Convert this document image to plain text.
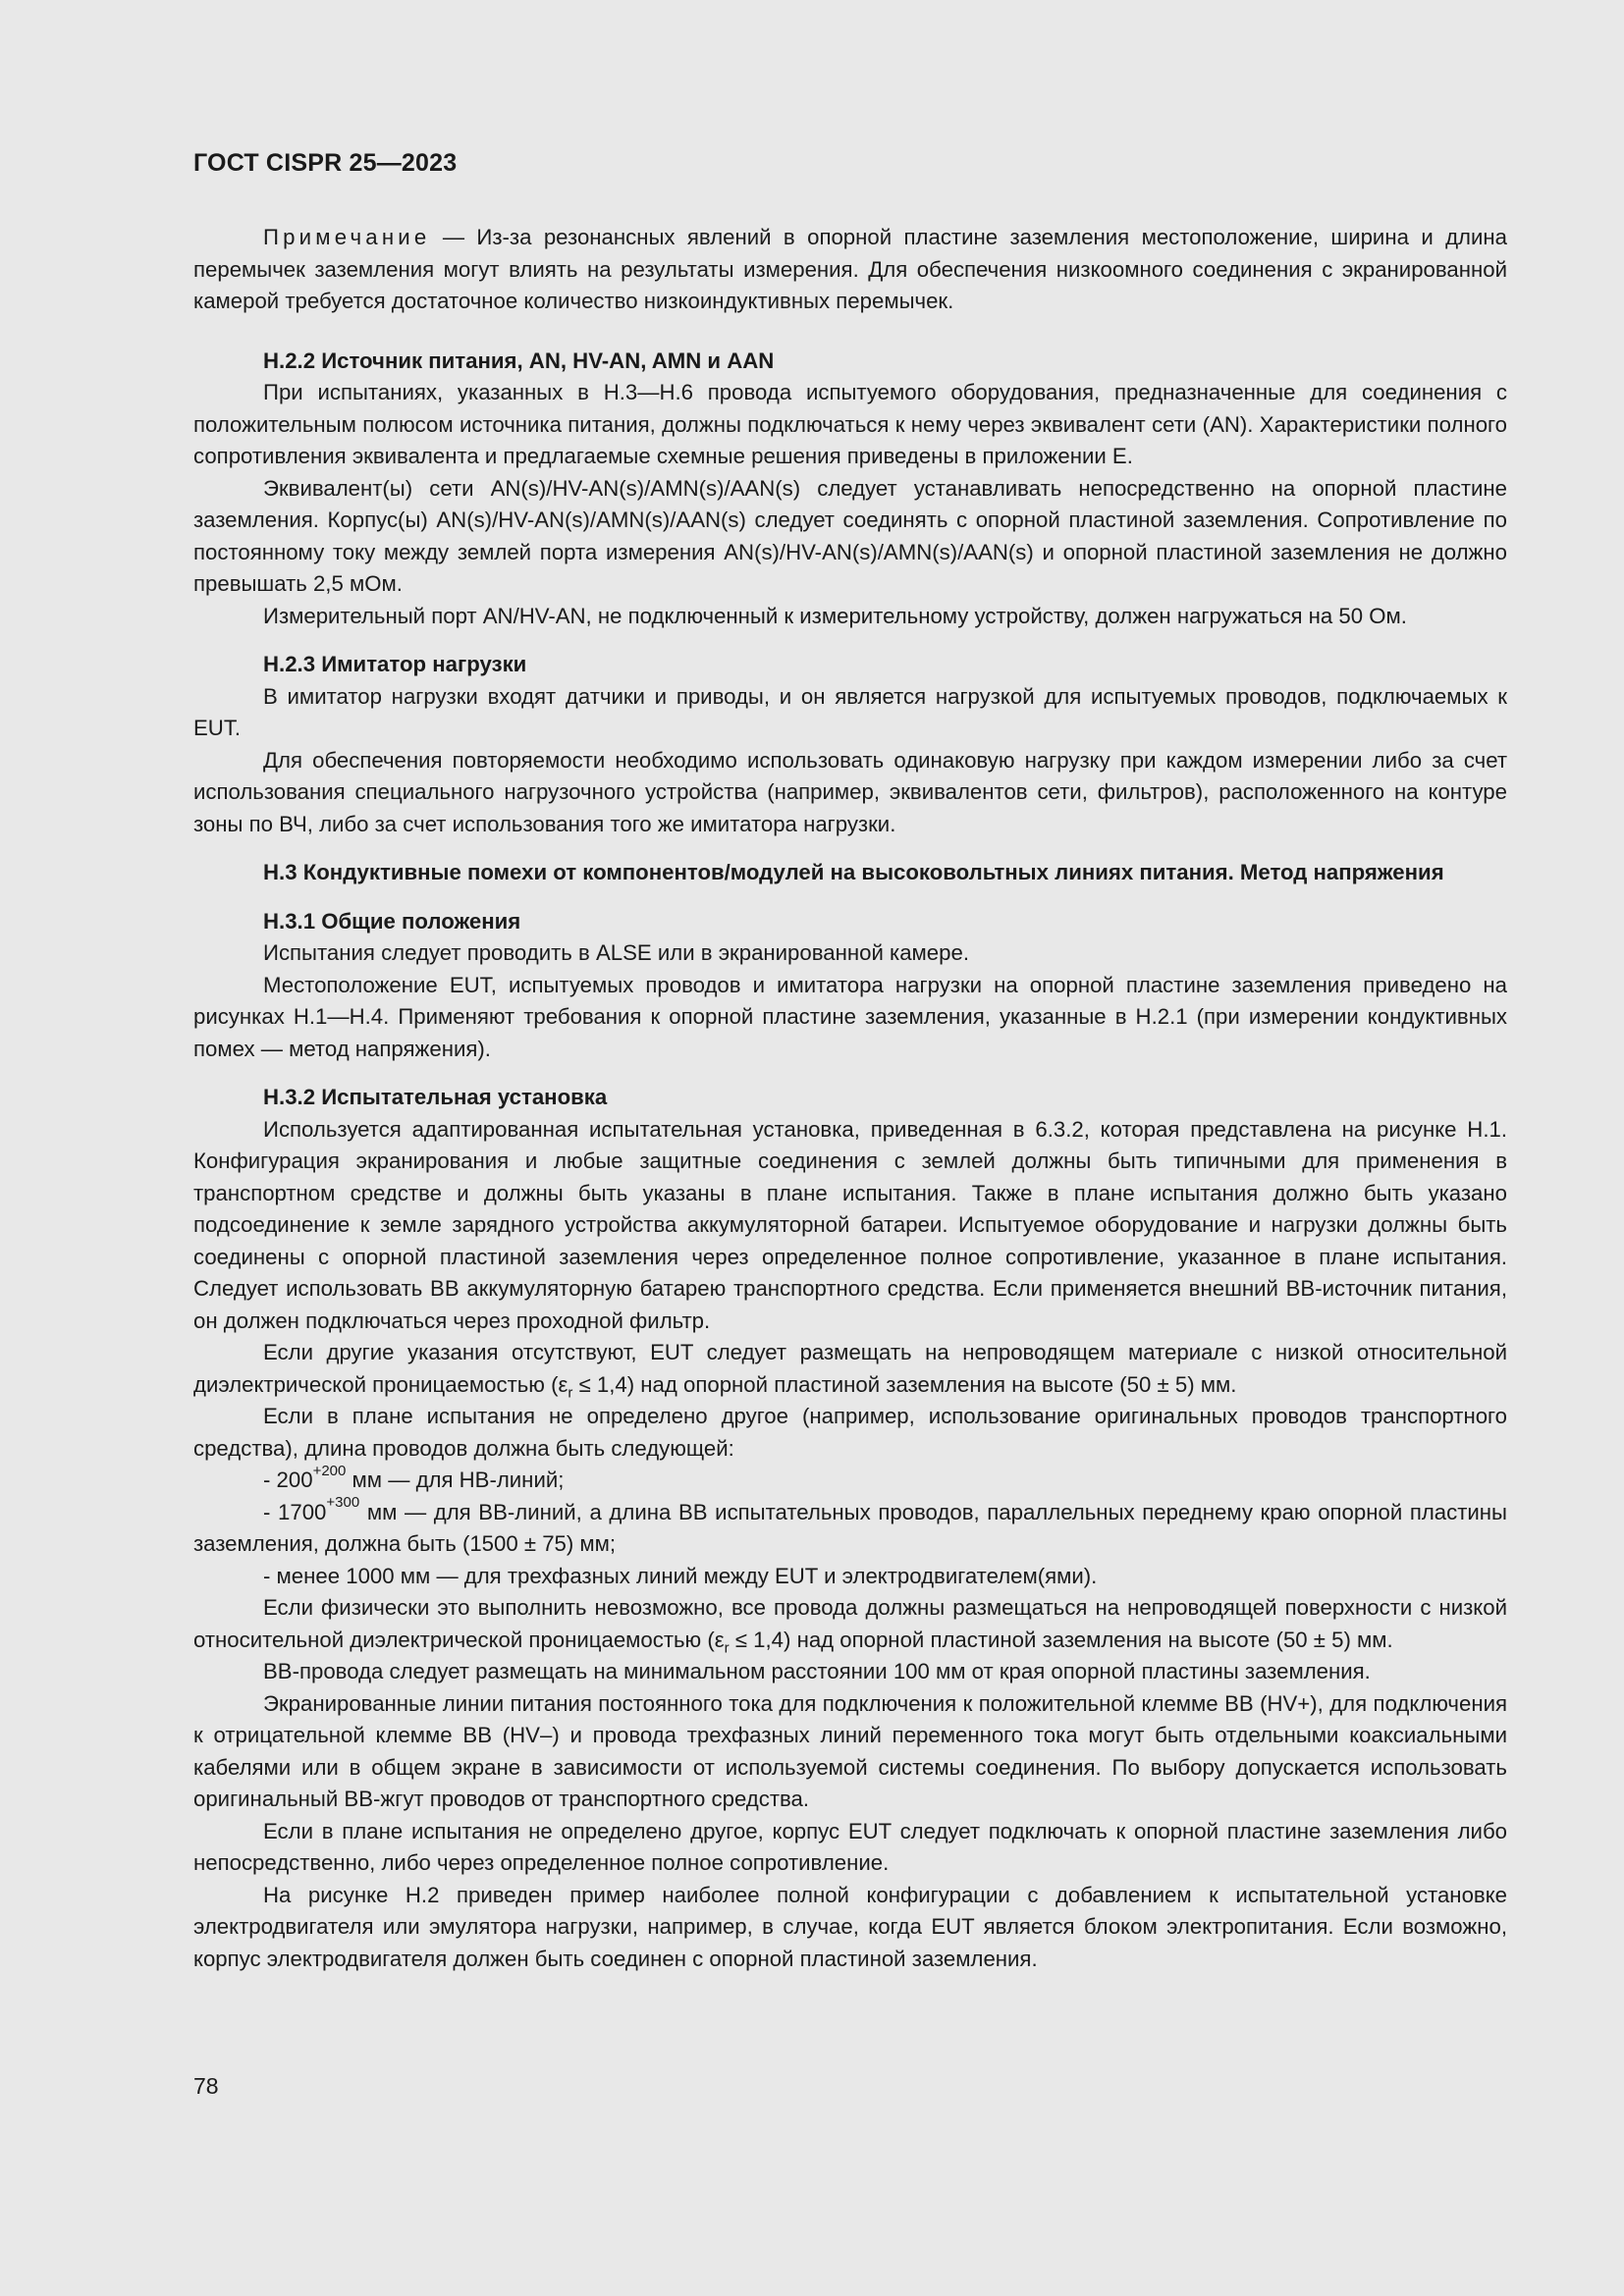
ГОСТ CISPR 25—2023

Примечание — Из-за резонансных явлений в опорной пластине заземления местоположение, ширина и длина перемычек заземления могут влиять на результаты измерения. Для обеспечения низкоомного соединения с экранированной камерой требуется достаточное количество низкоиндуктивных перемычек.

Н.2.2 Источник питания, AN, HV-AN, AMN и AAN

При испытаниях, указанных в Н.3—Н.6 провода испытуемого оборудования, предназначенные для соединения с положительным полюсом источника питания, должны подключаться к нему через эквивалент сети (AN). Характеристики полного сопротивления эквивалента и предлагаемые схемные решения приведены в приложении Е.

Эквивалент(ы) сети AN(s)/HV-AN(s)/AMN(s)/AAN(s) следует устанавливать непосредственно на опорной пластине заземления. Корпус(ы) AN(s)/HV-AN(s)/AMN(s)/AAN(s) следует соединять с опорной пластиной заземления. Сопротивление по постоянному току между землей порта измерения AN(s)/HV-AN(s)/AMN(s)/AAN(s) и опорной пластиной заземления не должно превышать 2,5 мОм.

Измерительный порт AN/HV-AN, не подключенный к измерительному устройству, должен нагружаться на 50 Ом.

Н.2.3 Имитатор нагрузки

В имитатор нагрузки входят датчики и приводы, и он является нагрузкой для испытуемых проводов, подключаемых к EUT.

Для обеспечения повторяемости необходимо использовать одинаковую нагрузку при каждом измерении либо за счет использования специального нагрузочного устройства (например, эквивалентов сети, фильтров), расположенного на контуре зоны по ВЧ, либо за счет использования того же имитатора нагрузки.

Н.3 Кондуктивные помехи от компонентов/модулей на высоковольтных линиях питания. Метод напряжения
Н.3.1 Общие положения

Испытания следует проводить в ALSE или в экранированной камере.

Местоположение EUT, испытуемых проводов и имитатора нагрузки на опорной пластине заземления приведено на рисунках Н.1—Н.4. Применяют требования к опорной пластине заземления, указанные в Н.2.1 (при измерении кондуктивных помех — метод напряжения).

Н.3.2 Испытательная установка

Используется адаптированная испытательная установка, приведенная в 6.3.2, которая представлена на рисунке Н.1. Конфигурация экранирования и любые защитные соединения с землей должны быть типичными для применения в транспортном средстве и должны быть указаны в плане испытания. Также в плане испытания должно быть указано подсоединение к земле зарядного устройства аккумуляторной батареи. Испытуемое оборудование и нагрузки должны быть соединены с опорной пластиной заземления через определенное полное сопротивление, указанное в плане испытания. Следует использовать ВВ аккумуляторную батарею транспортного средства. Если применяется внешний ВВ-источник питания, он должен подключаться через проходной фильтр.

Если другие указания отсутствуют, EUT следует размещать на непроводящем материале с низкой относительной диэлектрической проницаемостью $(\varepsilon_r \le 1,4)$ над опорной пластиной заземления на высоте (50 ± 5) мм.

Если в плане испытания не определено другое (например, использование оригинальных проводов транспортного средства), длина проводов должна быть следующей:

- $200^{+200}$ мм — для НВ-линий;

- $1700^{+300}$ мм — для ВВ-линий, а длина ВВ испытательных проводов, параллельных переднему краю опорной пластины заземления, должна быть (1500 ± 75) мм;

- менее 1000 мм — для трехфазных линий между EUT и электродвигателем(ями).

Если физически это выполнить невозможно, все провода должны размещаться на непроводящей поверхности с низкой относительной диэлектрической проницаемостью $(\varepsilon_r \le 1,4)$ над опорной пластиной заземления на высоте (50 ± 5) мм.

ВВ-провода следует размещать на минимальном расстоянии 100 мм от края опорной пластины заземления.

Экранированные линии питания постоянного тока для подключения к положительной клемме ВВ (HV+), для подключения к отрицательной клемме ВВ (HV–) и провода трехфазных линий переменного тока могут быть отдельными коаксиальными кабелями или в общем экране в зависимости от используемой системы соединения. По выбору допускается использовать оригинальный ВВ-жгут проводов от транспортного средства.

Если в плане испытания не определено другое, корпус EUT следует подключать к опорной пластине заземления либо непосредственно, либо через определенное полное сопротивление.

На рисунке Н.2 приведен пример наиболее полной конфигурации с добавлением к испытательной установке электродвигателя или эмулятора нагрузки, например, в случае, когда EUT является блоком электропитания. Если возможно, корпус электродвигателя должен быть соединен с опорной пластиной заземления.

78
